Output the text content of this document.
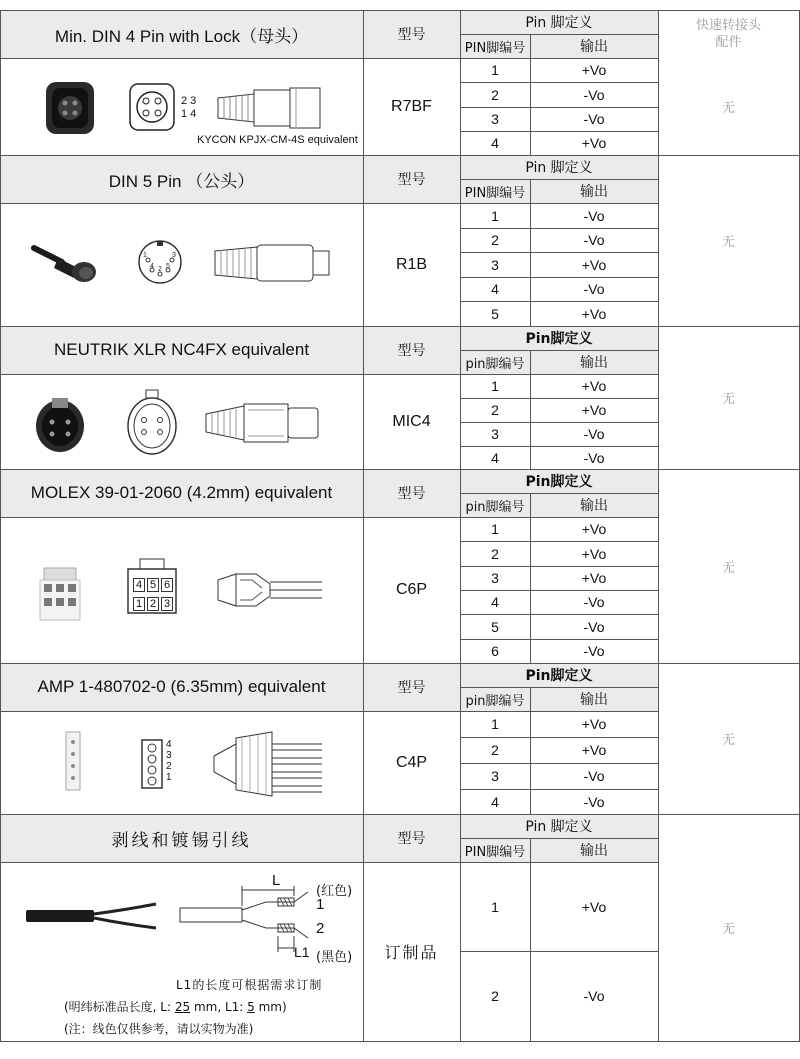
快速转接头
配件
Min. DIN 4 Pin with Lock（母头）	型号
Pin 脚定义
PIN脚编号	输出
R7BF	无
1	+Vo
2	-Vo
3	-Vo
4	+Vo
2 3
1 4
KYCON KPJX-CM-4S equivalent
DIN 5 Pin （公头）	型号
Pin 脚定义
PIN脚编号	输出
R1B
无
1	-Vo
2	-Vo
3	+Vo
4	-Vo
5	+Vo
4 5
2
1	3
NEUTRIK XLR NC4FX equivalent	型号
Pin脚定义
pin脚编号	输出
MIC4
无
1	+Vo
2	+Vo
3	-Vo
4	-Vo
MOLEX 39-01-2060 (4.2mm) equivalent	型号
Pin脚定义
pin脚编号	输出
C6P
无
1	+Vo
2	+Vo
3	+Vo
4	-Vo
5	-Vo
6	-Vo
4 5 6
1 2 3
AMP 1-480702-0 (6.35mm) equivalent	型号
Pin脚定义
pin脚编号	输出
C4P
无
1	+Vo
2	+Vo
3	-Vo
4	-Vo
4
3
2
1
剥线和镀锡引线	型号
Pin 脚定义
PIN脚编号	输出
订制品
无
1	+Vo
2	-Vo
L
(红色)
1
2
L1 (黑色)
L1的长度可根据需求订制
(明纬标准品长度, L: 25 mm, L1: 5 mm)
(注：线色仅供参考，请以实物为准)
